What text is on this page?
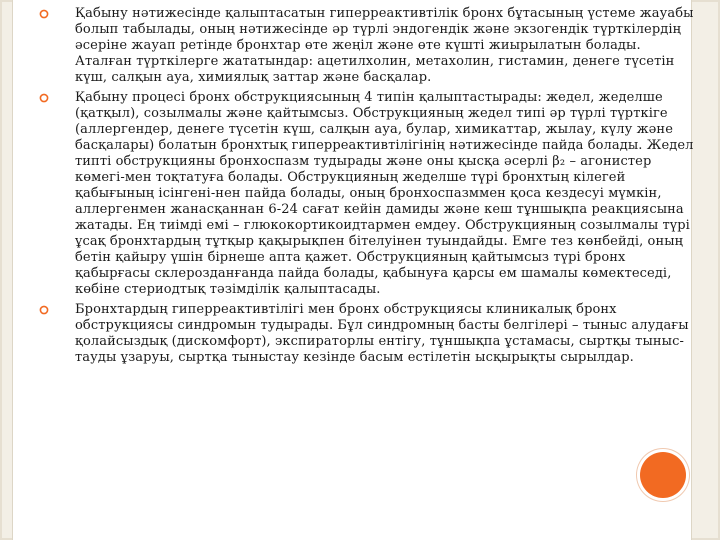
Қабыну нәтижесінде қалыптасатын гиперреактивтілік бронх бұтасының үстеме жауабы болып табылады, оның нәтижесінде әр түрлі эндогендік және экзогендік түрткілердің әсеріне жауап ретінде бронхтар өте жеңіл және өте күшті жиырылатын болады. Аталған түрткілерге жататындар: ацетилхолин, метахолин, гистамин, денеге түсетін күш, салқын ауа, химиялық заттар және басқалар.
Қабыну процесі бронх обструкциясының 4 типін қалыптастырады: жедел, жеделше (қатқыл), созылмалы және қайтымсыз. Обструкцияның жедел типі әр түрлі түрткіге (аллергендер, денеге түсетін күш, салқын ауа, булар, химикаттар, жылау, күлу және басқалары) болатын бронхтық гиперреактивтілігінің нәтижесінде пайда болады. Жедел типті обструкцияны бронхоспазм тудырады және оны қысқа әсерлі β₂ – агонистер көмегі-мен тоқтатуға болады. Обструкцияның жеделше түрі бронхтың кілегей қабығының ісінгені-нен пайда болады, оның бронхоспазммен қоса кездесуі мүмкін, аллергенмен жанасқаннан 6-24 сағат кейін дамиды және кеш тұншықпа реакциясына жатады. Ең тиімді емі – глюкокортикоидтармен емдеу. Обструкцияның созылмалы түрі ұсақ бронхтардың тұтқыр қақырықпен бітелуінен туындайды. Емге тез көнбейді, оның бетін қайыру үшін бірнеше апта қажет. Обструкцияның қайтымсыз түрі бронх қабырғасы склерозданғанда пайда болады, қабынуға қарсы ем шамалы көмектеседі, көбіне стериодтық тәзімділік қалыптасады.
Бронхтардың гиперреактивтілігі мен бронх обструкциясы клиникалық бронх обструкциясы синдромын тудырады. Бұл синдромның басты белгілері – тыныс алудағы қолайсыздық (дискомфорт), экспираторлы ентігу, тұншықпа ұстамасы, сыртқы тыныс-тауды ұзаруы, сыртқа тыныстау кезінде басым естілетін ысқырықты сырылдар.
